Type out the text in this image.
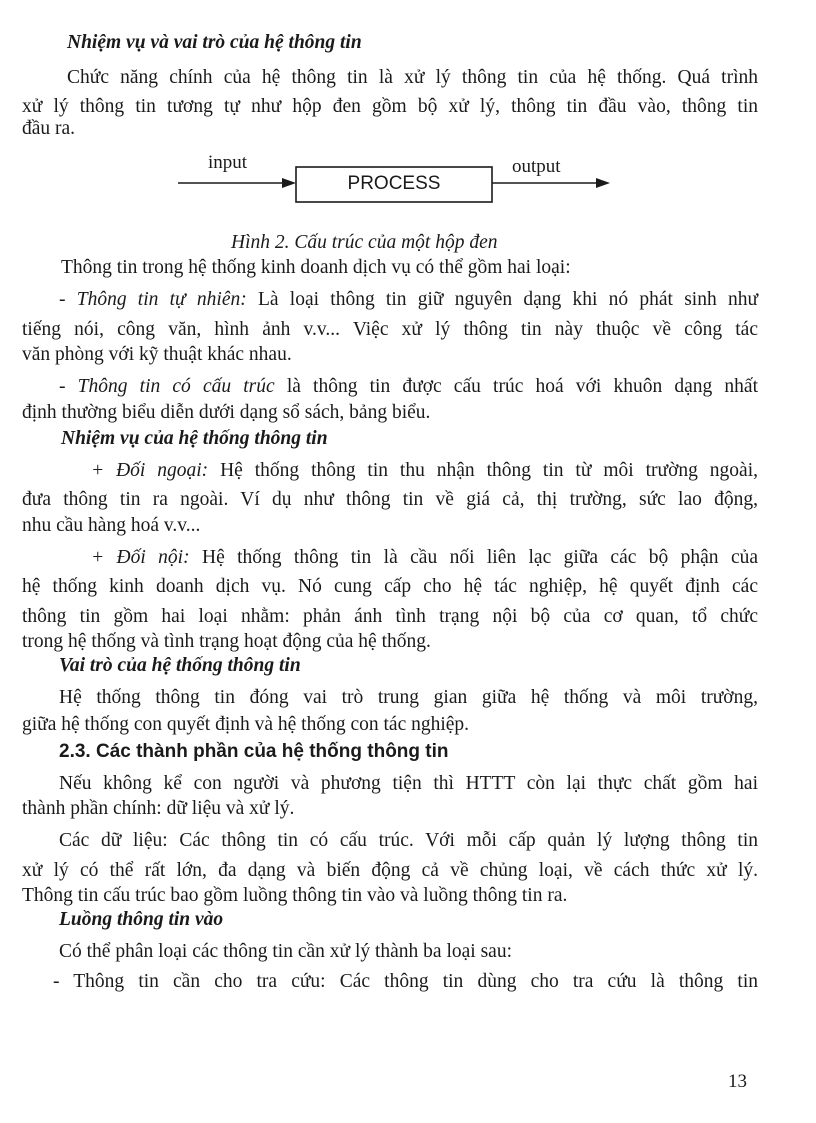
Nhiệm vụ và vai trò của hệ thông tin

Chức năng chính của hệ thông tin là xử lý thông tin của hệ thống. Quá trình

xử lý thông tin tương tự như hộp đen gồm bộ xử lý, thông tin đầu vào, thông tin

đầu ra.

input
PROCESS
output

Hình 2. Cấu trúc của một hộp đen

Thông tin trong hệ thống kinh doanh dịch vụ có thể gồm hai loại:

- Thông tin tự nhiên: Là loại thông tin giữ nguyên dạng khi nó phát sinh như

tiếng nói, công văn, hình ảnh v.v... Việc xử lý thông tin này thuộc về công tác

văn phòng với kỹ thuật khác nhau.

- Thông tin có cấu trúc là thông tin được cấu trúc hoá với khuôn dạng nhất

định thường biểu diễn dưới dạng sổ sách, bảng biểu.

Nhiệm vụ của hệ thống thông tin

+ Đối ngoại: Hệ thống thông tin thu nhận thông tin từ môi trường ngoài,

đưa thông tin ra ngoài. Ví dụ như thông tin về giá cả, thị trường, sức lao động,

nhu cầu hàng hoá v.v...

+ Đối nội: Hệ thống thông tin là cầu nối liên lạc giữa các bộ phận của

hệ thống kinh doanh dịch vụ. Nó cung cấp cho hệ tác nghiệp, hệ quyết định các

thông tin gồm hai loại nhằm: phản ánh tình trạng nội bộ của cơ quan, tổ chức

trong hệ thống và tình trạng hoạt động của hệ thống.

Vai trò của hệ thống thông tin

Hệ thống thông tin đóng vai trò trung gian giữa hệ thống và môi trường,

giữa hệ thống con quyết định và hệ thống con tác nghiệp.

2.3. Các thành phần của hệ thống thông tin

Nếu không kể con người và phương tiện thì HTTT còn lại thực chất gồm hai

thành phần chính: dữ liệu và xử lý.

Các dữ liệu: Các thông tin có cấu trúc. Với mỗi cấp quản lý lượng thông tin

xử lý có thể rất lớn, đa dạng và biến động cả về chủng loại, về cách thức xử lý.

Thông tin cấu trúc bao gồm luồng thông tin vào và luồng thông tin ra.

Luồng thông tin vào

Có thể phân loại các thông tin cần xử lý thành ba loại sau:

- Thông tin cần cho tra cứu: Các thông tin dùng cho tra cứu là thông tin

13
